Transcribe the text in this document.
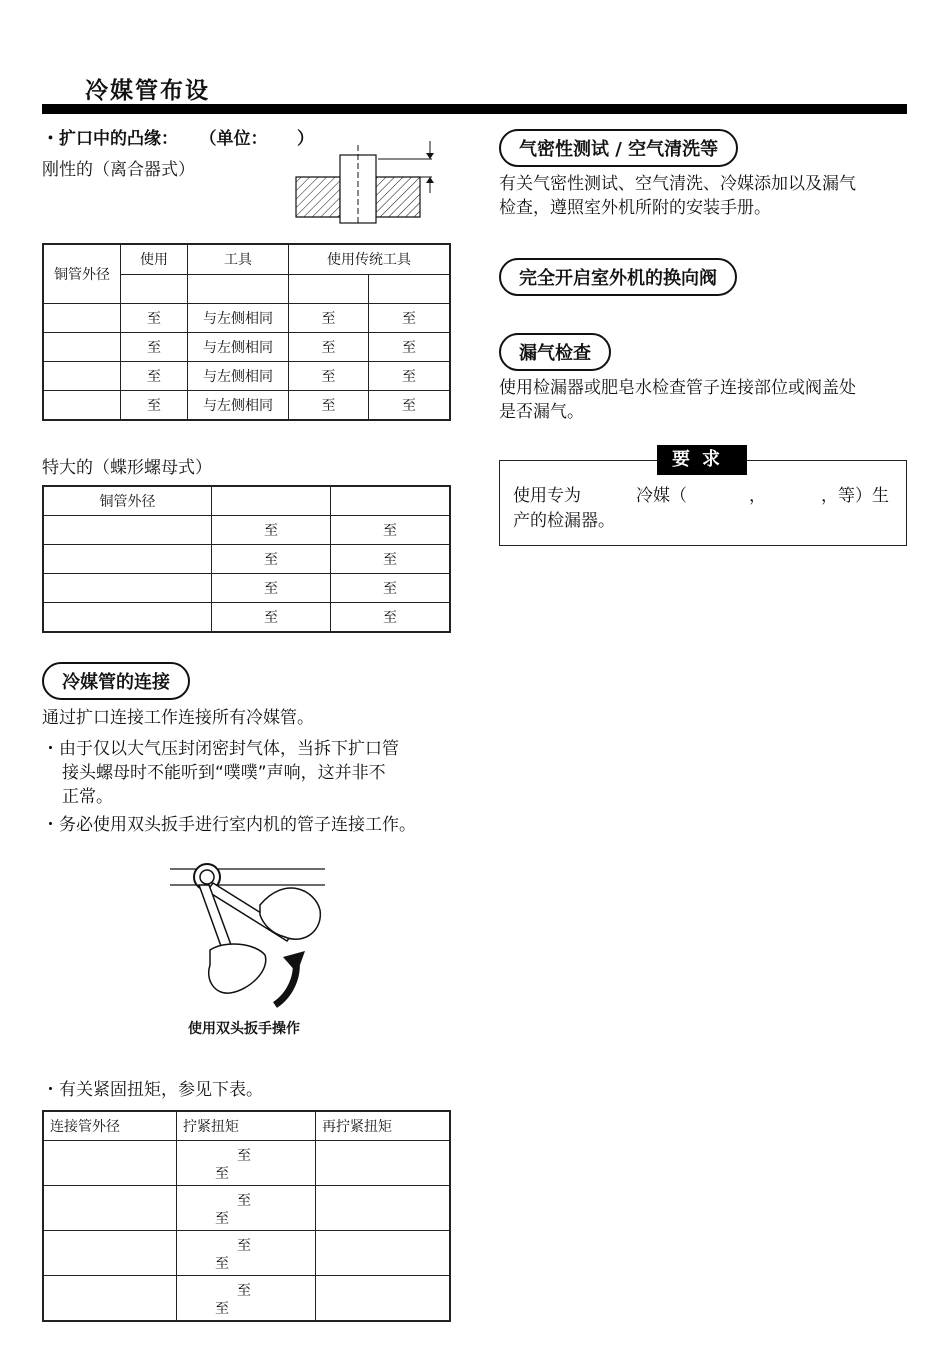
冷媒管布设
・扩口中的凸缘： （单位： ）
刚性的（离合器式）
铜管外径	使用	工具	使用传统工具	

	至	与左侧相同	至	至
	至	与左侧相同	至	至
	至	与左侧相同	至	至
	至	与左侧相同	至	至
特大的（蝶形螺母式）
铜管外径		
	至	至
	至	至
	至	至
	至	至
冷媒管的连接
通过扩口连接工作连接所有冷媒管。
・由于仅以大气压封闭密封气体，当拆下扩口管
接头螺母时不能听到“噗噗”声响，这并非不
正常。
・务必使用双头扳手进行室内机的管子连接工作。
使用双头扳手操作
・有关紧固扭矩，参见下表。
连接管外径	拧紧扭矩	再拧紧扭矩

	至
至	

	至
至	

	至
至	

	至
至	

气密性测试 / 空气清洗等
有关气密性测试、空气清洗、冷媒添加以及漏气
检查，遵照室外机所附的安装手册。
完全开启室外机的换向阀
漏气检查
使用检漏器或肥皂水检查管子连接部位或阀盖处
是否漏气。
要求
使用专为	冷媒（	，	，等）生
产的检漏器。
